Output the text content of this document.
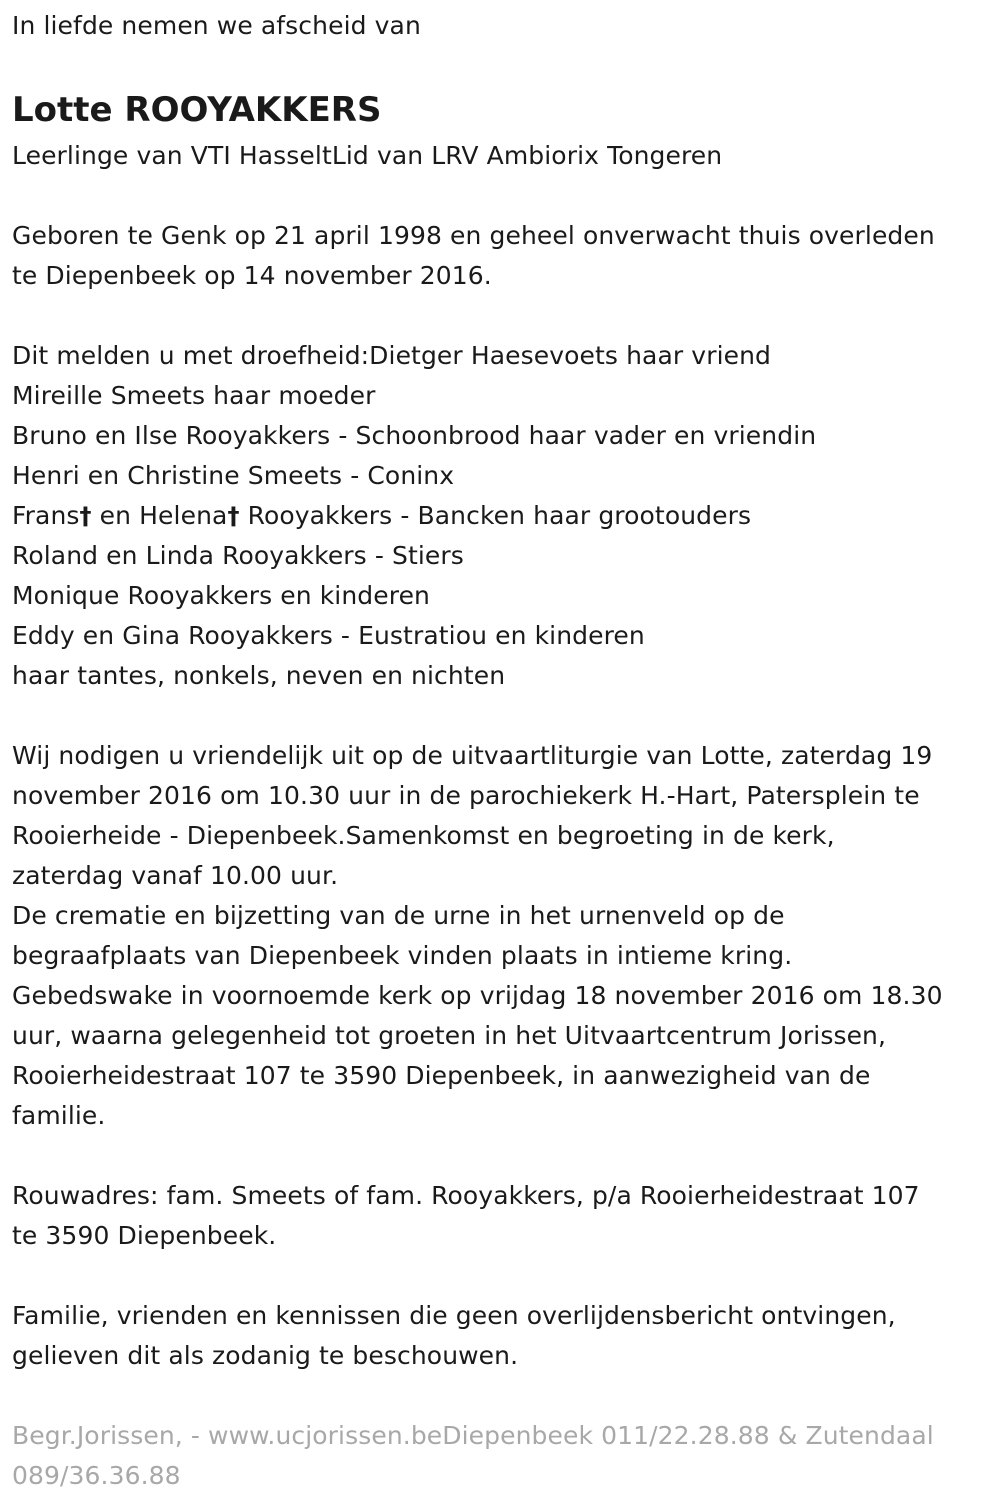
In liefde nemen we afscheid van
Lotte ROOYAKKERS
Leerlinge van VTI HasseltLid van LRV Ambiorix Tongeren
Geboren te Genk op 21 april 1998 en geheel onverwacht thuis overleden
te Diepenbeek op 14 november 2016.
Dit melden u met droefheid:Dietger Haesevoets haar vriend
Mireille Smeets haar moeder
Bruno en Ilse Rooyakkers - Schoonbrood haar vader en vriendin
Henri en Christine Smeets - Coninx
Frans† en Helena† Rooyakkers - Bancken haar grootouders
Roland en Linda Rooyakkers - Stiers
Monique Rooyakkers en kinderen
Eddy en Gina Rooyakkers - Eustratiou en kinderen
haar tantes, nonkels, neven en nichten
Wij nodigen u vriendelijk uit op de uitvaartliturgie van Lotte, zaterdag 19
november 2016 om 10.30 uur in de parochiekerk H.-Hart, Patersplein te
Rooierheide - Diepenbeek.Samenkomst en begroeting in de kerk,
zaterdag vanaf 10.00 uur.
De crematie en bijzetting van de urne in het urnenveld op de
begraafplaats van Diepenbeek vinden plaats in intieme kring.
Gebedswake in voornoemde kerk op vrijdag 18 november 2016 om 18.30
uur, waarna gelegenheid tot groeten in het Uitvaartcentrum Jorissen,
Rooierheidestraat 107 te 3590 Diepenbeek, in aanwezigheid van de
familie.
Rouwadres: fam. Smeets of fam. Rooyakkers, p/a Rooierheidestraat 107
te 3590 Diepenbeek.
Familie, vrienden en kennissen die geen overlijdensbericht ontvingen,
gelieven dit als zodanig te beschouwen.
Begr.Jorissen, - www.ucjorissen.beDiepenbeek 011/22.28.88 & Zutendaal
089/36.36.88
